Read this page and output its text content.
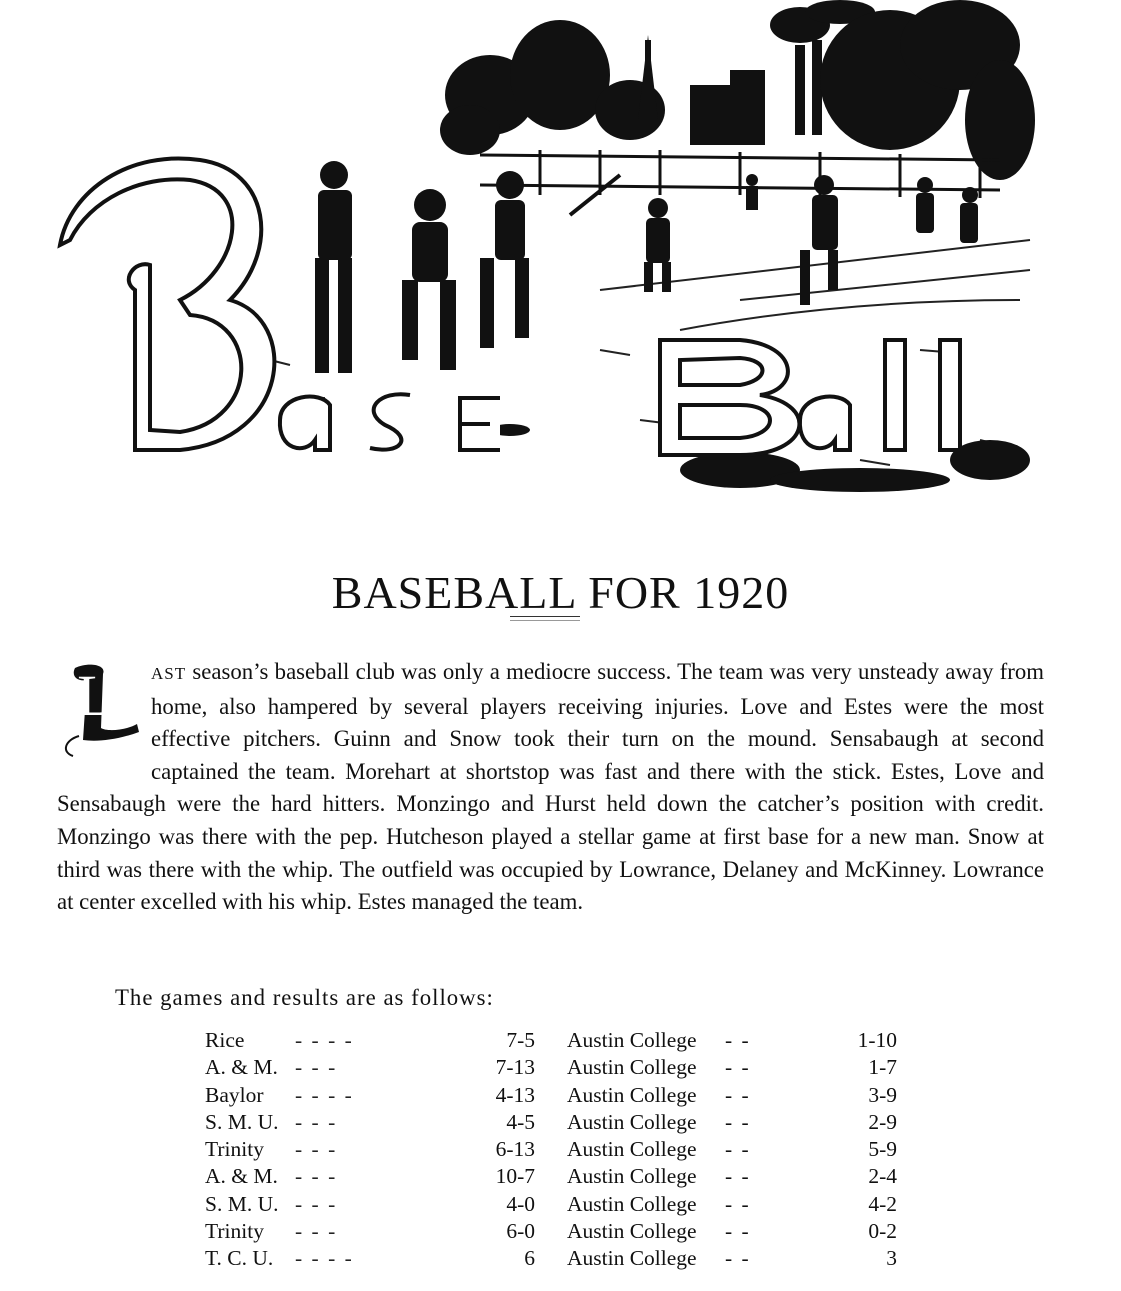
BASEBALL FOR 1920
L AST season’s baseball club was only a mediocre success. The team was very unsteady away from home, also hampered by several players receiving injuries. Love and Estes were the most effective pitchers. Guinn and Snow took their turn on the mound. Sensabaugh at second captained the team. Morehart at shortstop was fast and there with the stick. Estes, Love and Sensabaugh were the hard hitters. Monzingo and Hurst held down the catcher’s position with credit. Monzingo was there with the pep. Hutcheson played a stellar game at first base for a new man. Snow at third was there with the whip. The outfield was occupied by Lowrance, Delaney and McKinney. Lowrance at center excelled with his whip. Estes managed the team.
The games and results are as follows:
Rice - - - -	7-5 Austin College - -	1-10
A. & M. - - -	7-13 Austin College - -	1-7
Baylor - - - -	4-13 Austin College - -	3-9
S. M. U. - - -	4-5 Austin College - -	2-9
Trinity - - -	6-13 Austin College - -	5-9
A. & M. - - -	10-7 Austin College - -	2-4
S. M. U. - - -	4-0 Austin College - -	4-2
Trinity - - -	6-0 Austin College - -	0-2
T. C. U. - - - -	6 Austin College - -	3
